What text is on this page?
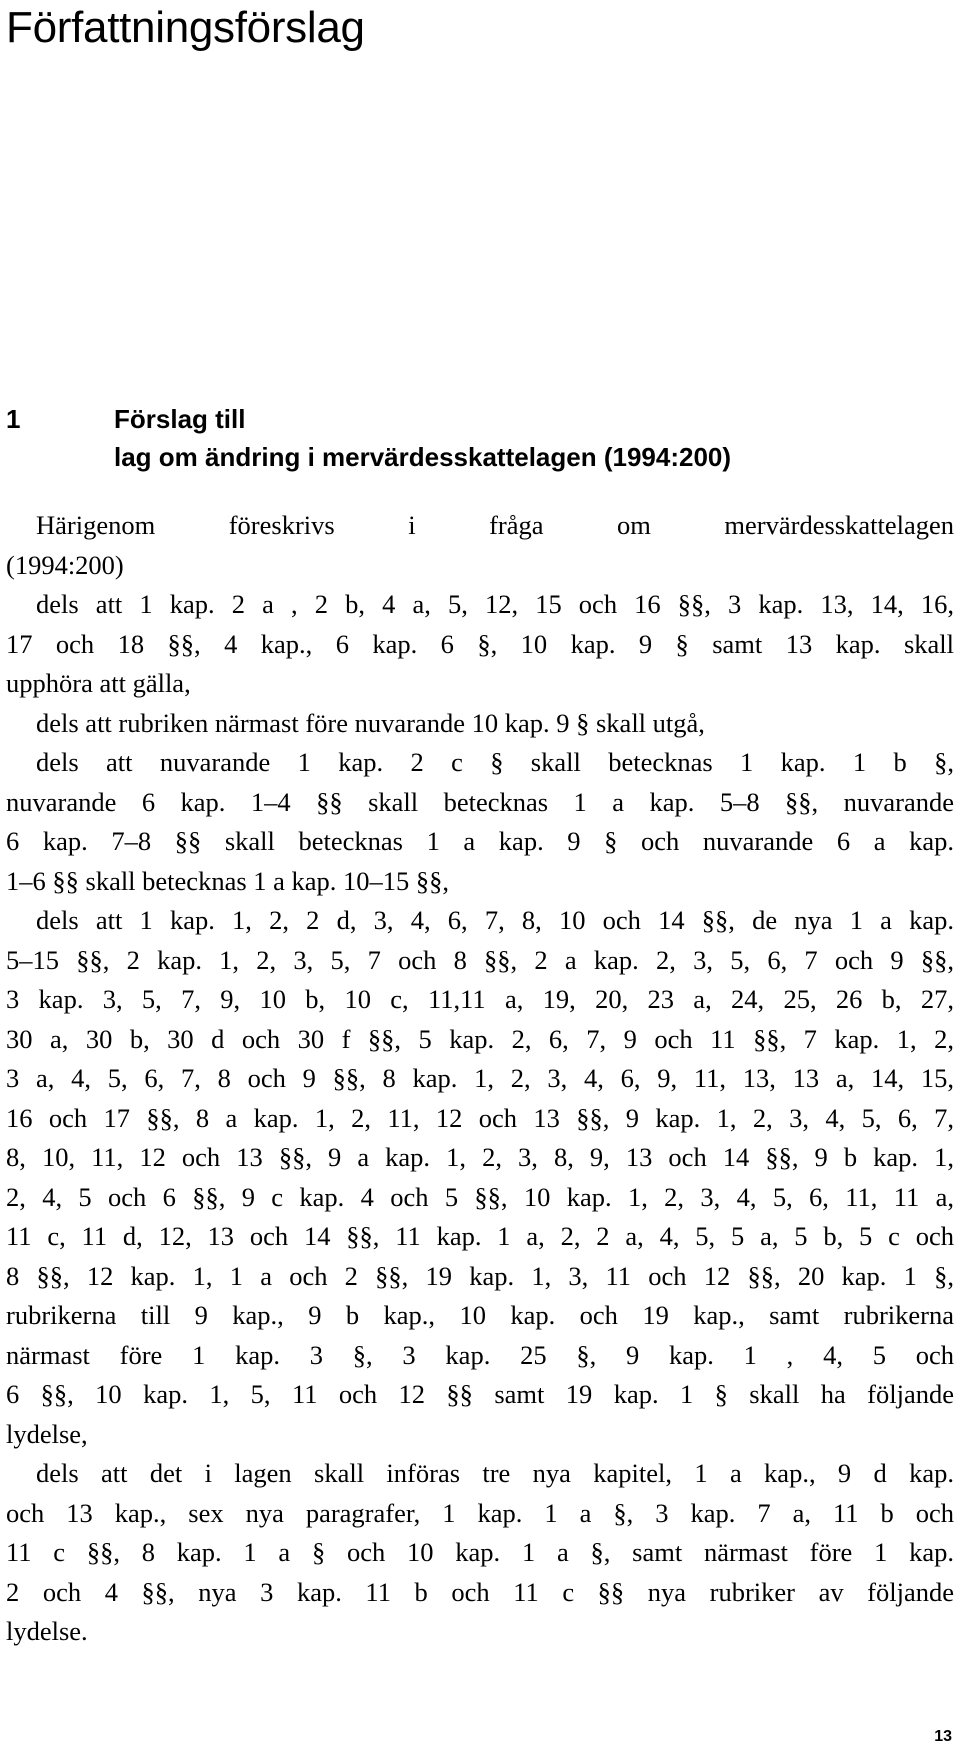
Författningsförslag
1	Förslag till
lag om ändring i mervärdesskattelagen (1994:200)
Härigenom föreskrivs i fråga om mervärdesskattelagen
(1994:200)
dels att 1 kap. 2 a , 2 b, 4 a, 5, 12, 15 och 16 §§, 3 kap. 13, 14, 16,
17 och 18 §§, 4 kap., 6 kap. 6 §, 10 kap. 9 § samt 13 kap. skall
upphöra att gälla,
dels att rubriken närmast före nuvarande 10 kap. 9 § skall utgå,
dels att nuvarande 1 kap. 2 c § skall betecknas 1 kap. 1 b §,
nuvarande 6 kap. 1–4 §§ skall betecknas 1 a kap. 5–8 §§, nuvarande
6 kap. 7–8 §§ skall betecknas 1 a kap. 9 § och nuvarande 6 a kap.
1–6 §§ skall betecknas 1 a kap. 10–15 §§,
dels att 1 kap. 1, 2, 2 d, 3, 4, 6, 7, 8, 10 och 14 §§, de nya 1 a kap.
5–15 §§, 2 kap. 1, 2, 3, 5, 7 och 8 §§, 2 a kap. 2, 3, 5, 6, 7 och 9 §§,
3 kap. 3, 5, 7, 9, 10 b, 10 c, 11,11 a, 19, 20, 23 a, 24, 25, 26 b, 27,
30 a, 30 b, 30 d och 30 f §§, 5 kap. 2, 6, 7, 9 och 11 §§, 7 kap. 1, 2,
3 a, 4, 5, 6, 7, 8 och 9 §§, 8 kap. 1, 2, 3, 4, 6, 9, 11, 13, 13 a, 14, 15,
16 och 17 §§, 8 a kap. 1, 2, 11, 12 och 13 §§, 9 kap. 1, 2, 3, 4, 5, 6, 7,
8, 10, 11, 12 och 13 §§, 9 a kap. 1, 2, 3, 8, 9, 13 och 14 §§, 9 b kap. 1,
2, 4, 5 och 6 §§, 9 c kap. 4 och 5 §§, 10 kap. 1, 2, 3, 4, 5, 6, 11, 11 a,
11 c, 11 d, 12, 13 och 14 §§, 11 kap. 1 a, 2, 2 a, 4, 5, 5 a, 5 b, 5 c och
8 §§, 12 kap. 1, 1 a och 2 §§, 19 kap. 1, 3, 11 och 12 §§, 20 kap. 1 §,
rubrikerna till 9 kap., 9 b kap., 10 kap. och 19 kap., samt rubrikerna
närmast före 1 kap. 3 §, 3 kap. 25 §, 9 kap. 1 , 4, 5 och
6 §§, 10 kap. 1, 5, 11 och 12 §§ samt 19 kap. 1 § skall ha följande
lydelse,
dels att det i lagen skall införas tre nya kapitel, 1 a kap., 9 d kap.
och 13 kap., sex nya paragrafer, 1 kap. 1 a §, 3 kap. 7 a, 11 b och
11 c §§, 8 kap. 1 a § och 10 kap. 1 a §, samt närmast före 1 kap.
2 och 4 §§, nya 3 kap. 11 b och 11 c §§ nya rubriker av följande
lydelse.
13
